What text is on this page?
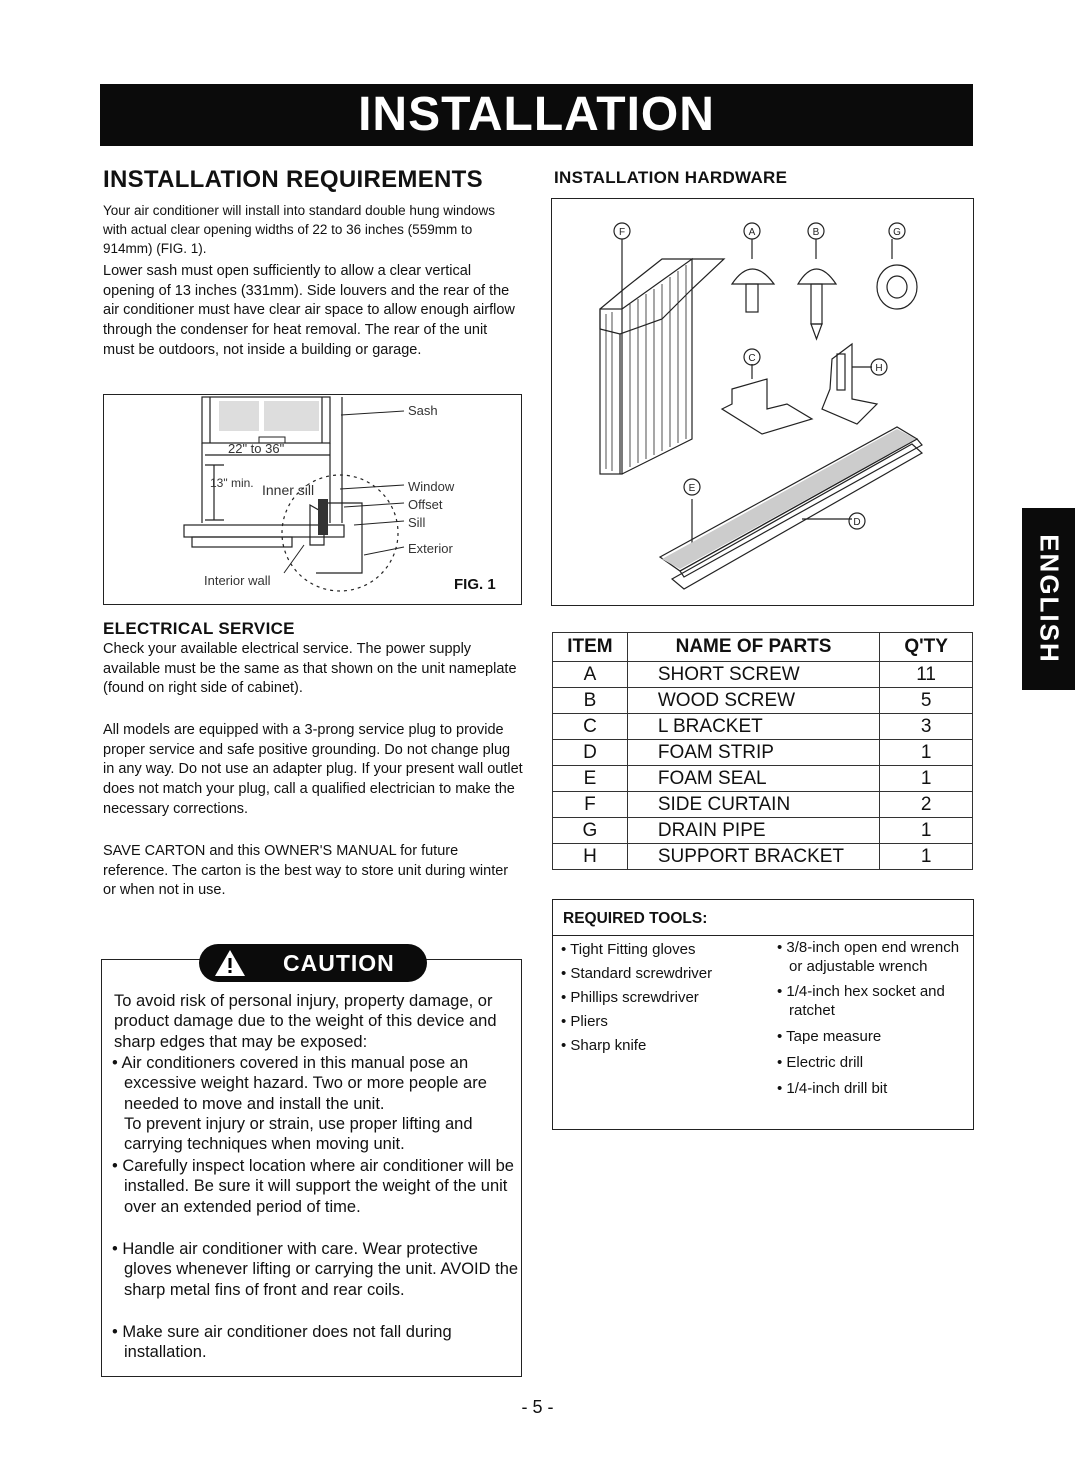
INSTALLATION
ENGLISH
INSTALLATION REQUIREMENTS
Your air conditioner will install into standard double hung windows with actual clear opening widths of 22 to 36 inches (559mm to 914mm) (FIG. 1).
Lower sash must open sufficiently to allow a clear vertical opening of 13 inches (331mm). Side louvers and the rear of the air conditioner must have clear air space to allow enough airflow through the condenser for heat removal. The rear of the unit must be outdoors, not inside a building or garage.
Sash
22" to 36"
13" min. Inner sill	Window
Offset
Sill
Exterior
Interior wall	FIG. 1
ELECTRICAL SERVICE
Check your available electrical service. The power supply available must be the same as that shown on the unit nameplate (found on right side of cabinet).
All models are equipped with a 3-prong service plug to provide proper service and safe positive grounding. Do not change plug in any way. Do not use an adapter plug. If your present wall outlet does not match your plug, call a qualified electrician to make the necessary corrections.
SAVE CARTON and this OWNER'S MANUAL for future reference. The carton is the best way to store unit during winter or when not in use.
CAUTION
To avoid risk of personal injury, property damage, or product damage due to the weight of this device and sharp edges that may be exposed:
• Air conditioners covered in this manual pose an excessive weight hazard. Two or more people are needed to move and install the unit.
To prevent injury or strain, use proper lifting and carrying techniques when moving unit.
• Carefully inspect location where air conditioner will be installed. Be sure it will support the weight of the unit over an extended period of time.
• Handle air conditioner with care. Wear protective gloves whenever lifting or carrying the unit. AVOID the sharp metal fins of front and rear coils.
• Make sure air conditioner does not fall during installation.
INSTALLATION HARDWARE
F	A	B	G
C
H
E
D
ITEM	NAME OF PARTS	Q'TY
A	SHORT SCREW	11
B	WOOD SCREW	5
C	L BRACKET	3
D	FOAM STRIP	1
E	FOAM SEAL	1
F	SIDE CURTAIN	2
G	DRAIN PIPE	1
H	SUPPORT BRACKET	1
REQUIRED TOOLS:
• Tight Fitting gloves
• Standard screwdriver
• Phillips screwdriver
• Pliers
• Sharp knife
• 3/8-inch open end wrench or adjustable wrench
• 1/4-inch hex socket and ratchet
• Tape measure
• Electric drill
• 1/4-inch drill bit
- 5 -
